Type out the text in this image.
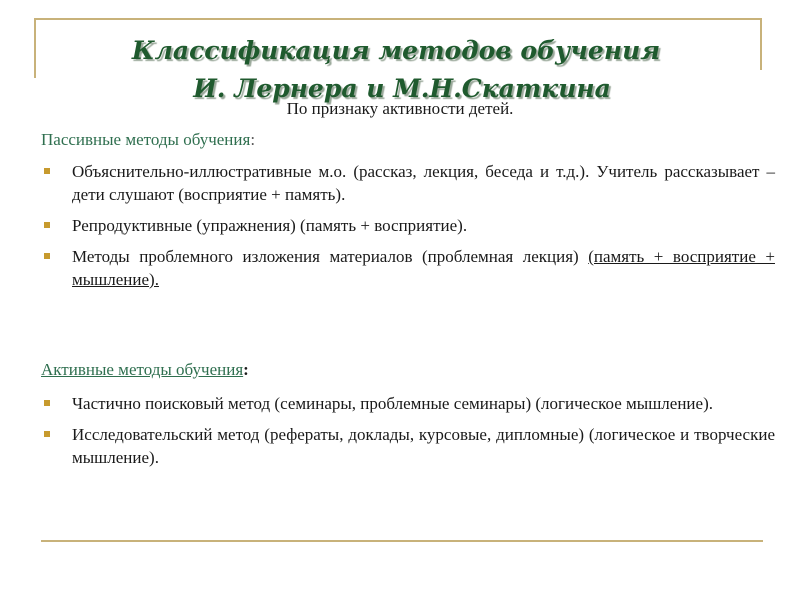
Классификация методов обучения
И. Лернера и М.Н.Скаткина
По признаку активности детей.
Пассивные методы обучения:
Объяснительно-иллюстративные м.о. (рассказ, лекция, беседа и т.д.). Учитель рассказывает – дети слушают (восприятие + память).
Репродуктивные (упражнения) (память + восприятие).
Методы проблемного изложения материалов (проблемная лекция) (память + восприятие + мышление).
Активные методы обучения:
Частично поисковый метод (семинары, проблемные семинары) (логическое мышление).
Исследовательский метод (рефераты, доклады, курсовые, дипломные) (логическое и творческие мышление).
